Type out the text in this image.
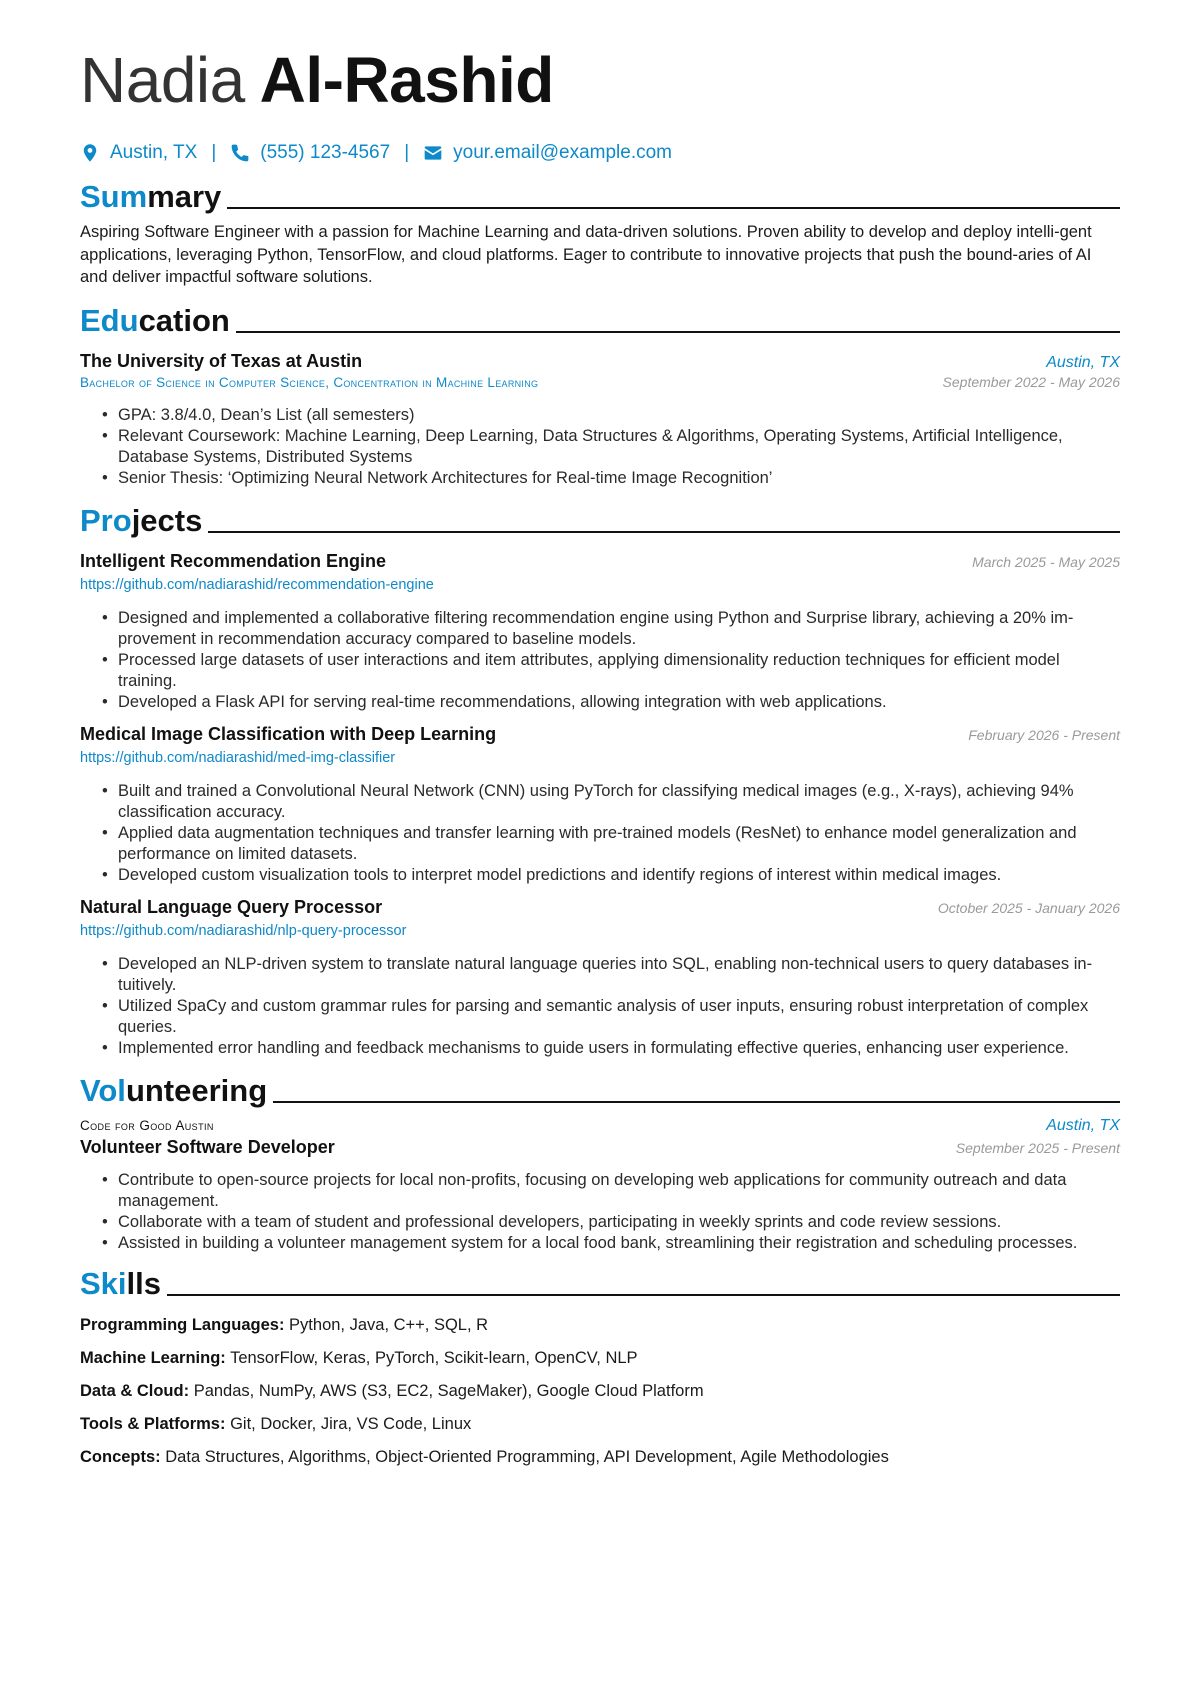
Nadia Al-Rashid
Austin, TX | (555) 123-4567 | your.email@example.com
Summary

Aspiring Software Engineer with a passion for Machine Learning and data-driven solutions. Proven ability to develop and deploy intelli-gent applications, leveraging Python, TensorFlow, and cloud platforms. Eager to contribute to innovative projects that push the bound-aries of AI and deliver impactful software solutions.

Education
The University of Texas at Austin	Austin, TX
Bachelor of Science in Computer Science, Concentration in Machine Learning	September 2022 - May 2026
• GPA: 3.8/4.0, Dean’s List (all semesters)
• Relevant Coursework: Machine Learning, Deep Learning, Data Structures & Algorithms, Operating Systems, Artificial Intelligence, Database Systems, Distributed Systems
• Senior Thesis: ‘Optimizing Neural Network Architectures for Real-time Image Recognition’
Projects
Intelligent Recommendation Engine	March 2025 - May 2025
https://github.com/nadiarashid/recommendation-engine
• Designed and implemented a collaborative filtering recommendation engine using Python and Surprise library, achieving a 20% im-provement in recommendation accuracy compared to baseline models.
• Processed large datasets of user interactions and item attributes, applying dimensionality reduction techniques for efficient model training.
• Developed a Flask API for serving real-time recommendations, allowing integration with web applications.
Medical Image Classification with Deep Learning	February 2026 - Present
https://github.com/nadiarashid/med-img-classifier
• Built and trained a Convolutional Neural Network (CNN) using PyTorch for classifying medical images (e.g., X-rays), achieving 94% classification accuracy.
• Applied data augmentation techniques and transfer learning with pre-trained models (ResNet) to enhance model generalization and performance on limited datasets.
• Developed custom visualization tools to interpret model predictions and identify regions of interest within medical images.
Natural Language Query Processor	October 2025 - January 2026
https://github.com/nadiarashid/nlp-query-processor
• Developed an NLP-driven system to translate natural language queries into SQL, enabling non-technical users to query databases in-tuitively.
• Utilized SpaCy and custom grammar rules for parsing and semantic analysis of user inputs, ensuring robust interpretation of complex queries.
• Implemented error handling and feedback mechanisms to guide users in formulating effective queries, enhancing user experience.
Volunteering
Code for Good Austin	Austin, TX
Volunteer Software Developer	September 2025 - Present
• Contribute to open-source projects for local non-profits, focusing on developing web applications for community outreach and data management.
• Collaborate with a team of student and professional developers, participating in weekly sprints and code review sessions.
• Assisted in building a volunteer management system for a local food bank, streamlining their registration and scheduling processes.
Skills

Programming Languages: Python, Java, C++, SQL, R

Machine Learning: TensorFlow, Keras, PyTorch, Scikit-learn, OpenCV, NLP

Data & Cloud: Pandas, NumPy, AWS (S3, EC2, SageMaker), Google Cloud Platform

Tools & Platforms: Git, Docker, Jira, VS Code, Linux

Concepts: Data Structures, Algorithms, Object-Oriented Programming, API Development, Agile Methodologies
